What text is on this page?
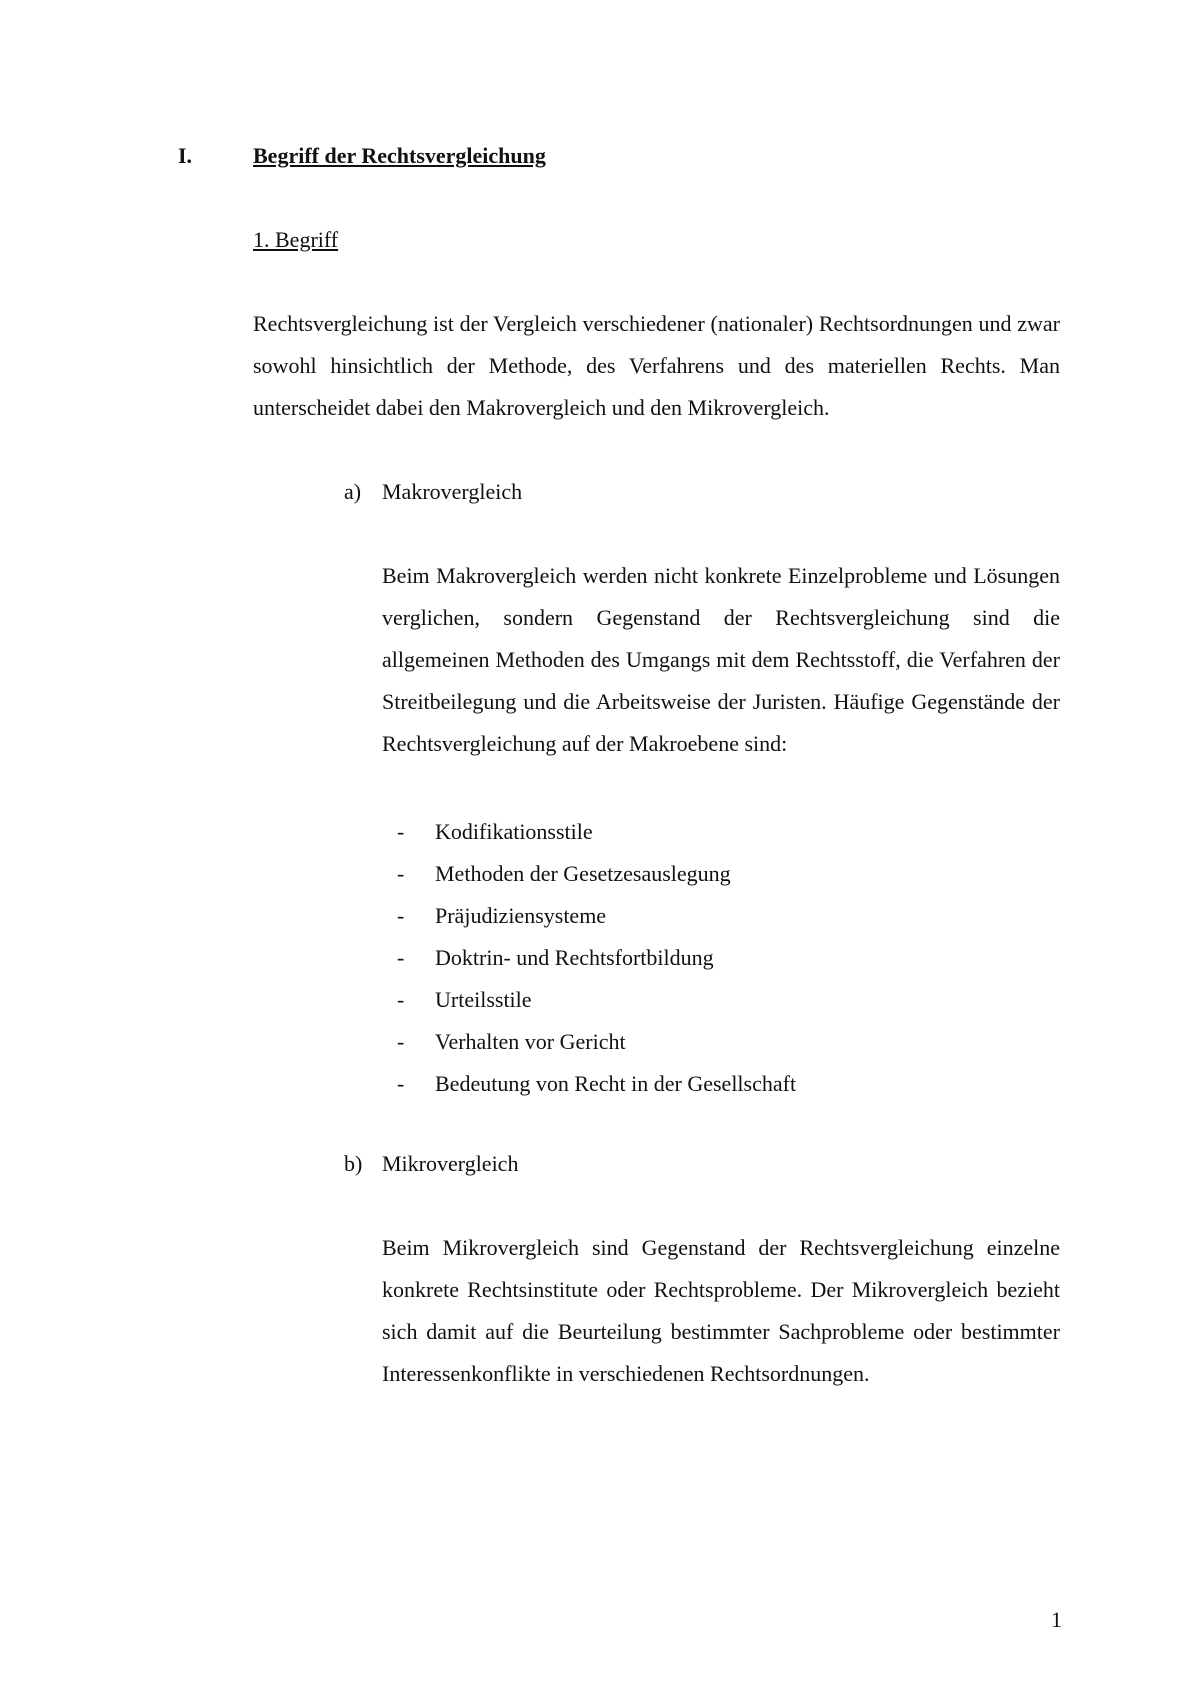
I.	Begriff der Rechtsvergleichung
1. Begriff

Rechtsvergleichung ist der Vergleich verschiedener (nationaler) Rechtsordnungen und zwar sowohl hinsichtlich der Methode, des Verfahrens und des materiellen Rechts. Man unterscheidet dabei den Makrovergleich und den Mikrovergleich.

a) Makrovergleich

Beim Makrovergleich werden nicht konkrete Einzelprobleme und Lösungen verglichen, sondern Gegenstand der Rechtsvergleichung sind die allgemeinen Methoden des Umgangs mit dem Rechtsstoff, die Verfahren der Streitbeilegung und die Arbeitsweise der Juristen. Häufige Gegenstände der Rechtsvergleichung auf der Makroebene sind:

- Kodifikationsstile
- Methoden der Gesetzesauslegung
- Präjudiziensysteme
- Doktrin- und Rechtsfortbildung
- Urteilsstile
- Verhalten vor Gericht
- Bedeutung von Recht in der Gesellschaft
b) Mikrovergleich

Beim Mikrovergleich sind Gegenstand der Rechtsvergleichung einzelne konkrete Rechtsinstitute oder Rechtsprobleme. Der Mikrovergleich bezieht sich damit auf die Beurteilung bestimmter Sachprobleme oder bestimmter Interessenkonflikte in verschiedenen Rechtsordnungen.

1
